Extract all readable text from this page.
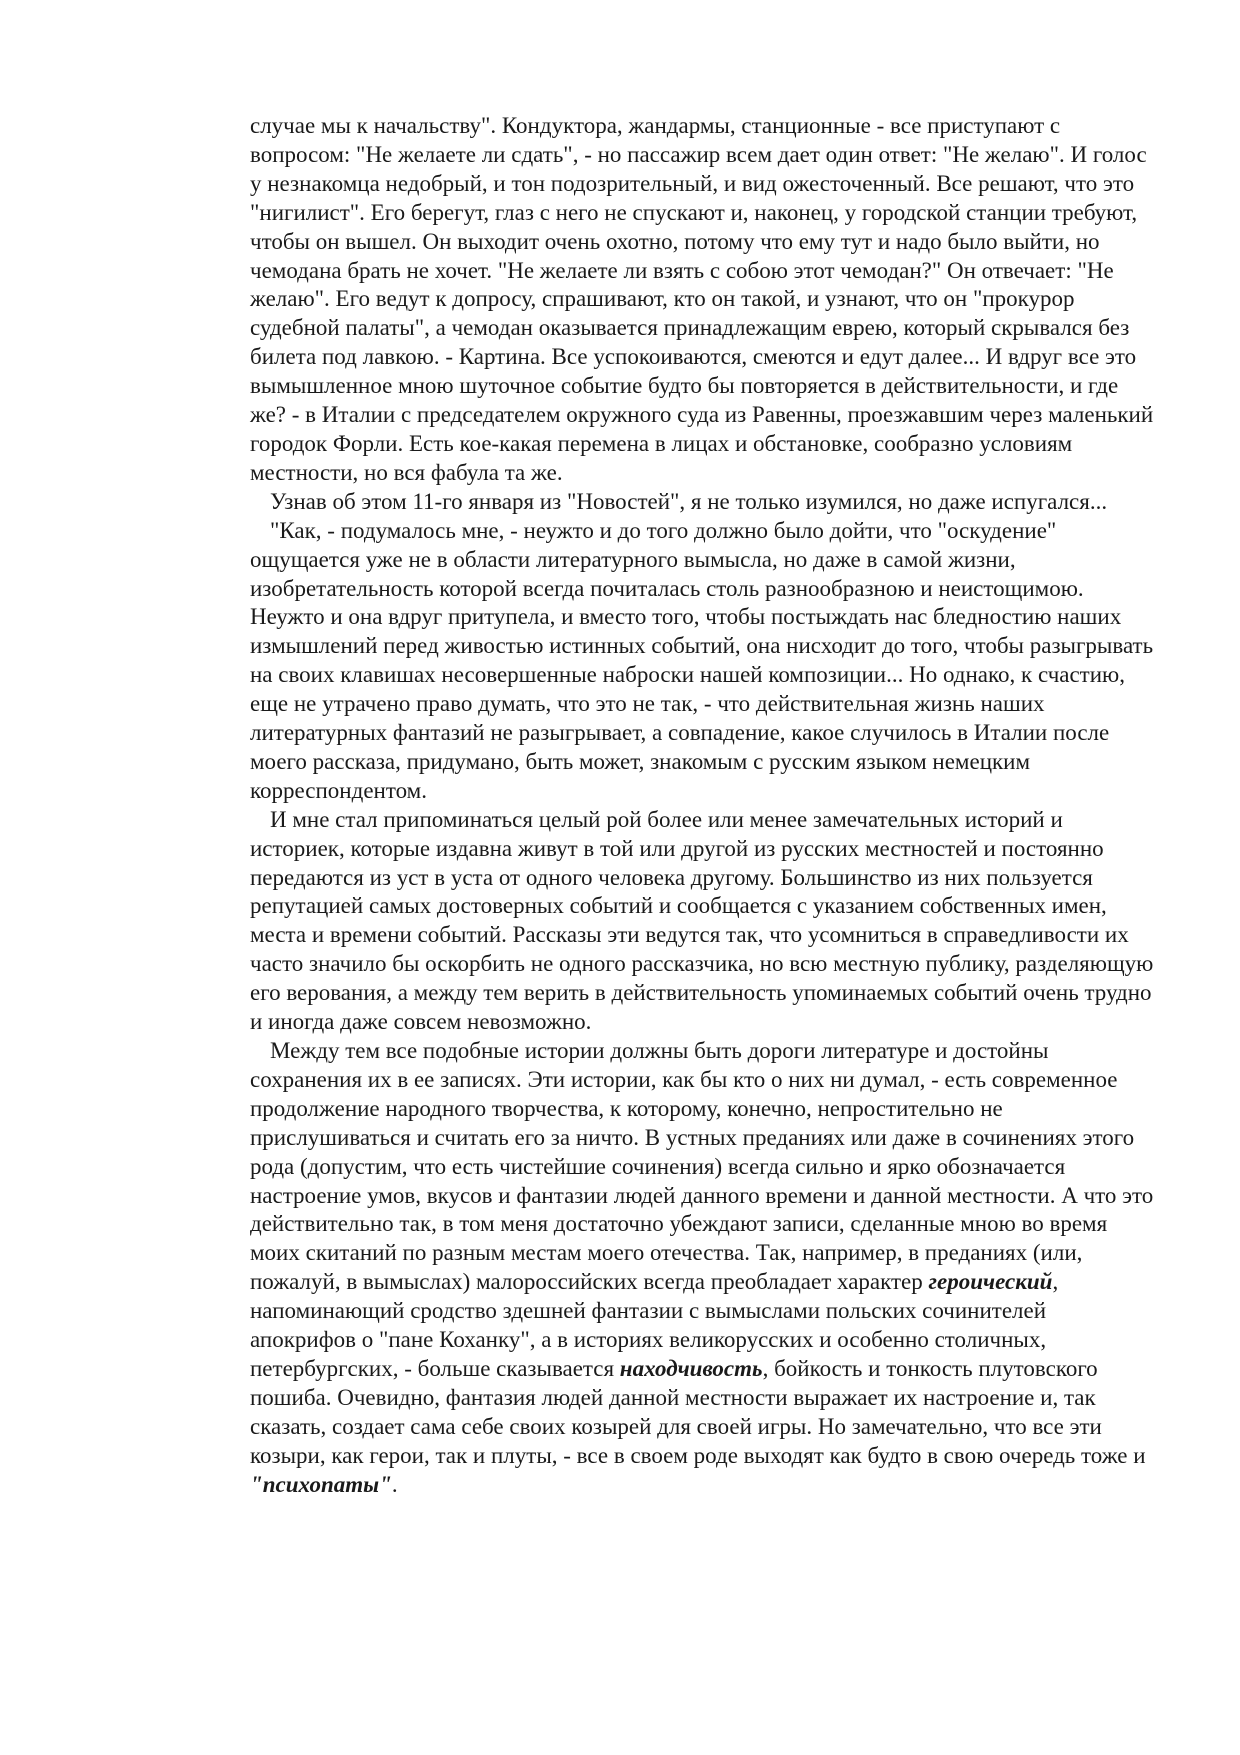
случае мы к начальству". Кондуктора, жандармы, станционные - все приступают с вопросом: "Не желаете ли сдать", - но пассажир всем дает один ответ: "Не желаю". И голос у незнакомца недобрый, и тон подозрительный, и вид ожесточенный. Все решают, что это "нигилист". Его берегут, глаз с него не спускают и, наконец, у городской станции требуют, чтобы он вышел. Он выходит очень охотно, потому что ему тут и надо было выйти, но чемодана брать не хочет. "Не желаете ли взять с собою этот чемодан?" Он отвечает: "Не желаю". Его ведут к допросу, спрашивают, кто он такой, и узнают, что он "прокурор судебной палаты", а чемодан оказывается принадлежащим еврею, который скрывался без билета под лавкою. - Картина. Все успокоиваются, смеются и едут далее... И вдруг все это вымышленное мною шуточное событие будто бы повторяется в действительности, и где же? - в Италии с председателем окружного суда из Равенны, проезжавшим через маленький городок Форли. Есть кое-какая перемена в лицах и обстановке, сообразно условиям местности, но вся фабула та же.

Узнав об этом 11-го января из "Новостей", я не только изумился, но даже испугался...

"Как, - подумалось мне, - неужто и до того должно было дойти, что "оскудение" ощущается уже не в области литературного вымысла, но даже в самой жизни, изобретательность которой всегда почиталась столь разнообразною и неистощимою. Неужто и она вдруг притупела, и вместо того, чтобы постыждать нас бледностию наших измышлений перед живостью истинных событий, она нисходит до того, чтобы разыгрывать на своих клавишах несовершенные наброски нашей композиции... Но однако, к счастию, еще не утрачено право думать, что это не так, - что действительная жизнь наших литературных фантазий не разыгрывает, а совпадение, какое случилось в Италии после моего рассказа, придумано, быть может, знакомым с русским языком немецким корреспондентом.

И мне стал припоминаться целый рой более или менее замечательных историй и историек, которые издавна живут в той или другой из русских местностей и постоянно передаются из уст в уста от одного человека другому. Большинство из них пользуется репутацией самых достоверных событий и сообщается с указанием собственных имен, места и времени событий. Рассказы эти ведутся так, что усомниться в справедливости их часто значило бы оскорбить не одного рассказчика, но всю местную публику, разделяющую его верования, а между тем верить в действительность упоминаемых событий очень трудно и иногда даже совсем невозможно.

Между тем все подобные истории должны быть дороги литературе и достойны сохранения их в ее записях. Эти истории, как бы кто о них ни думал, - есть современное продолжение народного творчества, к которому, конечно, непростительно не прислушиваться и считать его за ничто. В устных преданиях или даже в сочинениях этого рода (допустим, что есть чистейшие сочинения) всегда сильно и ярко обозначается настроение умов, вкусов и фантазии людей данного времени и данной местности. А что это действительно так, в том меня достаточно убеждают записи, сделанные мною во время моих скитаний по разным местам моего отечества. Так, например, в преданиях (или, пожалуй, в вымыслах) малороссийских всегда преобладает характер героический, напоминающий сродство здешней фантазии с вымыслами польских сочинителей апокрифов о "пане Коханку", а в историях великорусских и особенно столичных, петербургских, - больше сказывается находчивость, бойкость и тонкость плутовского пошиба. Очевидно, фантазия людей данной местности выражает их настроение и, так сказать, создает сама себе своих козырей для своей игры. Но замечательно, что все эти козыри, как герои, так и плуты, - все в своем роде выходят как будто в свою очередь тоже и "психопаты".
